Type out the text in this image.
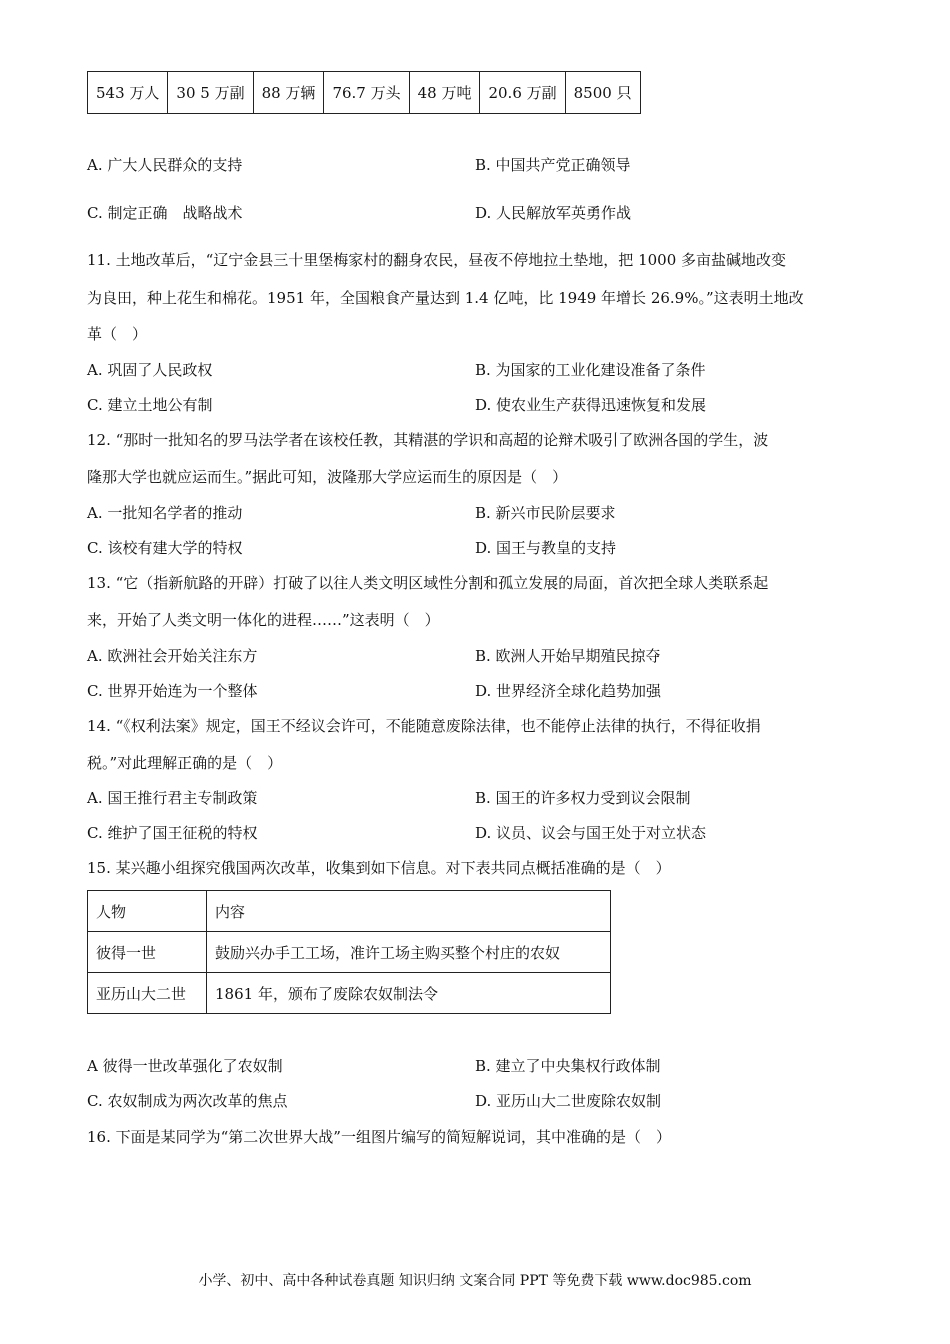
543 万人	30 5 万副	88 万辆	76.7 万头	48 万吨	20.6 万副	8500 只
A. 广大人民群众的支持	B. 中国共产党正确领导
C. 制定正确　战略战术	D. 人民解放军英勇作战
11. 土地改革后，“辽宁金县三十里堡梅家村的翻身农民，昼夜不停地拉土垫地，把 1000 多亩盐碱地改变
为良田，种上花生和棉花。1951 年，全国粮食产量达到 1.4 亿吨，比 1949 年增长 26.9%。”这表明土地改
革（　）
A. 巩固了人民政权	B. 为国家的工业化建设准备了条件
C. 建立土地公有制	D. 使农业生产获得迅速恢复和发展
12. “那时一批知名的罗马法学者在该校任教，其精湛的学识和高超的论辩术吸引了欧洲各国的学生，波
隆那大学也就应运而生。”据此可知，波隆那大学应运而生的原因是（　）
A. 一批知名学者的推动	B. 新兴市民阶层要求
C. 该校有建大学的特权	D. 国王与教皇的支持
13. “它（指新航路的开辟）打破了以往人类文明区域性分割和孤立发展的局面，首次把全球人类联系起
来，开始了人类文明一体化的进程……”这表明（　）
A. 欧洲社会开始关注东方	B. 欧洲人开始早期殖民掠夺
C. 世界开始连为一个整体	D. 世界经济全球化趋势加强
14. “《权利法案》规定，国王不经议会许可，不能随意废除法律，也不能停止法律的执行，不得征收捐
税。”对此理解正确的是（　）
A. 国王推行君主专制政策	B. 国王的许多权力受到议会限制
C. 维护了国王征税的特权	D. 议员、议会与国王处于对立状态
15. 某兴趣小组探究俄国两次改革，收集到如下信息。对下表共同点概括准确的是（　）
人物	内容
彼得一世	鼓励兴办手工工场，准许工场主购买整个村庄的农奴
亚历山大二世	1861 年，颁布了废除农奴制法令
A 彼得一世改革强化了农奴制	B. 建立了中央集权行政体制
C. 农奴制成为两次改革的焦点	D. 亚历山大二世废除农奴制
16. 下面是某同学为“第二次世界大战”一组图片编写的简短解说词，其中准确的是（　）
小学、初中、高中各种试卷真题 知识归纳 文案合同 PPT 等免费下载 www.doc985.com
